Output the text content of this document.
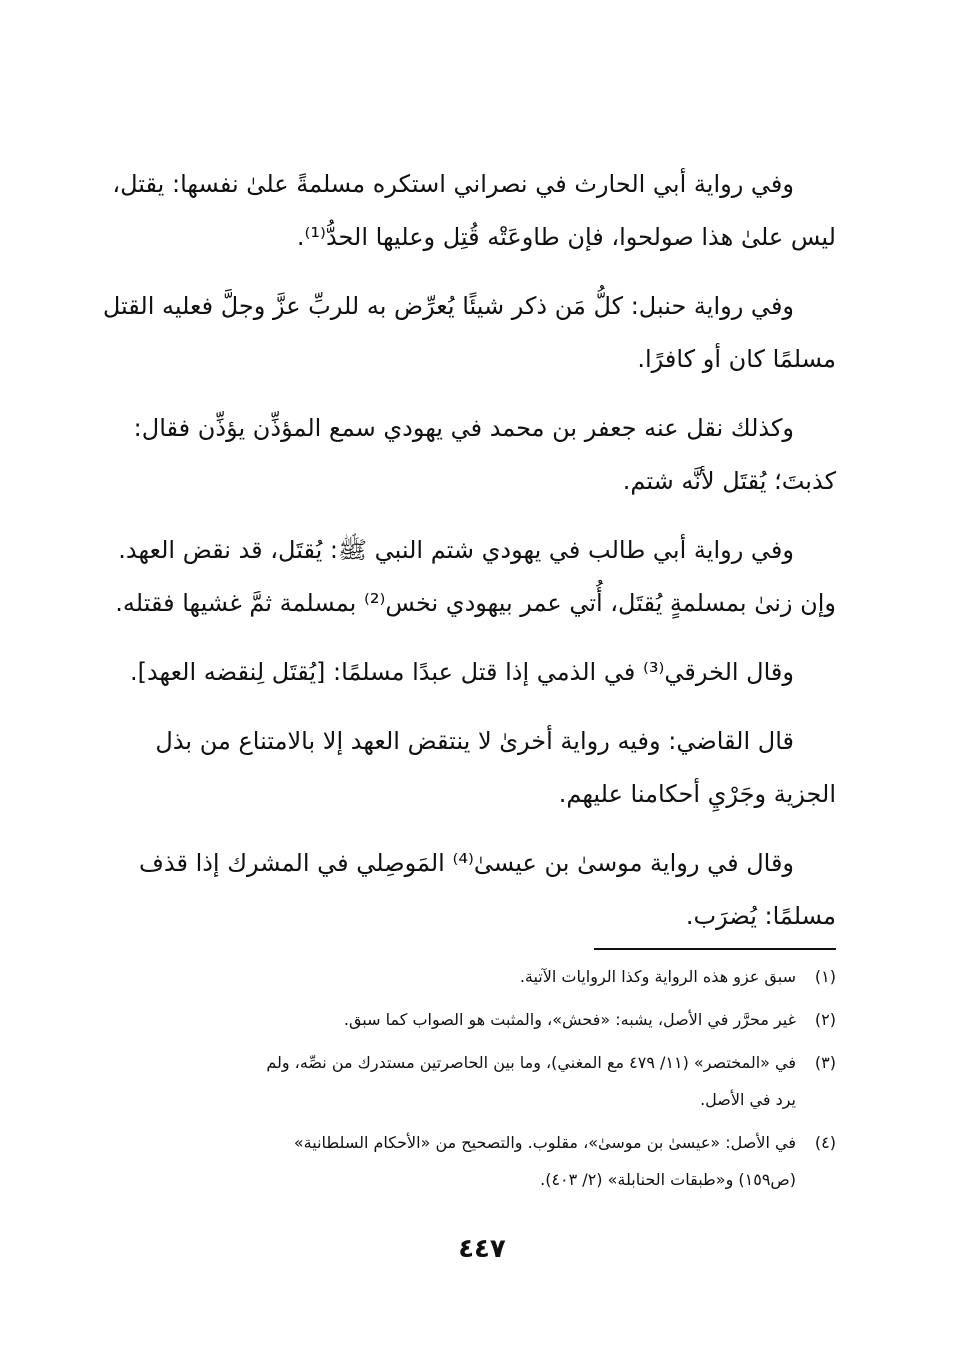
وفي رواية أبي الحارث في نصراني استكره مسلمةً علىٰ نفسها: يقتل،
ليس علىٰ هذا صولحوا، فإن طاوعَتْه قُتِل وعليها الحدُّ⁽¹⁾.

وفي رواية حنبل: كلُّ مَن ذكر شيئًا يُعرِّض به للربِّ عزَّ وجلَّ فعليه القتل
مسلمًا كان أو كافرًا.

وكذلك نقل عنه جعفر بن محمد في يهودي سمع المؤذِّن يؤذِّن فقال:
كذبتَ؛ يُقتَل لأنَّه شتم.

وفي رواية أبي طالب في يهودي شتم النبي ﷺ: يُقتَل، قد نقض العهد.
وإن زنىٰ بمسلمةٍ يُقتَل، أُتي عمر بيهودي نخس⁽²⁾ بمسلمة ثمَّ غشيها فقتله.

وقال الخرقي⁽³⁾ في الذمي إذا قتل عبدًا مسلمًا: [يُقتَل لِنقضه العهد].

قال القاضي: وفيه رواية أخرىٰ لا ينتقض العهد إلا بالامتناع من بذل
الجزية وجَرْيِ أحكامنا عليهم.

وقال في رواية موسىٰ بن عيسىٰ⁽⁴⁾ المَوصِلي في المشرك إذا قذف
مسلمًا: يُضرَب.

(١)
سبق عزو هذه الرواية وكذا الروايات الآتية.
(٢)
غير محرَّر في الأصل، يشبه: «فحش»، والمثبت هو الصواب كما سبق.
(٣)
في «المختصر» (١١/ ٤٧٩ مع المغني)، وما بين الحاصرتين مستدرك من نصِّه، ولم
يرد في الأصل.
(٤)
في الأصل: «عيسىٰ بن موسىٰ»، مقلوب. والتصحيح من «الأحكام السلطانية»
(ص١٥٩) و«طبقات الحنابلة» (٢/ ٤٠٣).
٤٤٧
